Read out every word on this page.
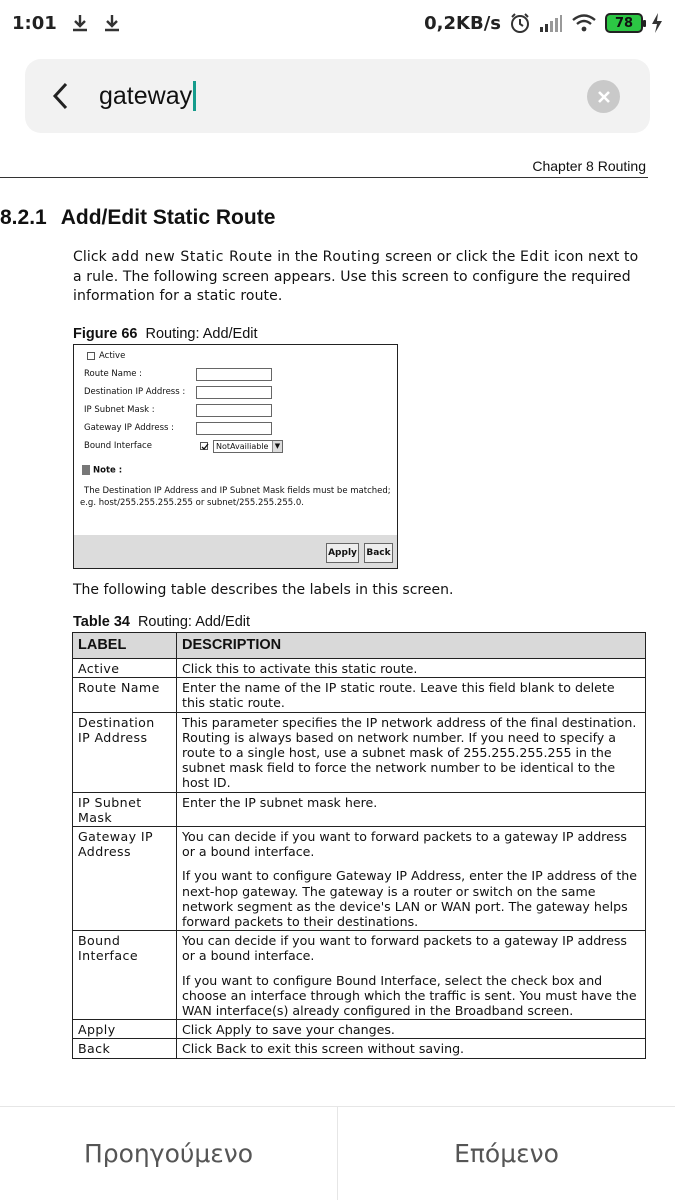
1:01	0,2KB/s	78
gateway
Chapter 8 Routing
8.2.1 Add/Edit Static Route
Click add new Static Route in the Routing screen or click the Edit icon next to a rule. The following screen appears. Use this screen to configure the required information for a static route.
Figure 66 Routing: Add/Edit
Active
Route Name :
Destination IP Address :
IP Subnet Mask :
Gateway IP Address :
Bound Interface	NotAvailiable ▼
Note :
The Destination IP Address and IP Subnet Mask fields must be matched; e.g. host/255.255.255.255 or subnet/255.255.255.0.
Apply Back
The following table describes the labels in this screen.
Table 34 Routing: Add/Edit
LABEL	DESCRIPTION
Active	Click this to activate this static route.

Route Name	Enter the name of the IP static route. Leave this field blank to delete this static route.

Destination IP Address	This parameter specifies the IP network address of the final destination. Routing is always based on network number. If you need to specify a route to a single host, use a subnet mask of 255.255.255.255 in the subnet mask field to force the network number to be identical to the host ID.

IP Subnet Mask	Enter the IP subnet mask here.

Gateway IP Address	You can decide if you want to forward packets to a gateway IP address or a bound interface.

If you want to configure Gateway IP Address, enter the IP address of the next-hop gateway. The gateway is a router or switch on the same network segment as the device's LAN or WAN port. The gateway helps forward packets to their destinations.

Bound Interface	You can decide if you want to forward packets to a gateway IP address or a bound interface.

If you want to configure Bound Interface, select the check box and choose an interface through which the traffic is sent. You must have the WAN interface(s) already configured in the Broadband screen.

Apply	Click Apply to save your changes.

Back	Click Back to exit this screen without saving.

Προηγούμενο	Επόμενο
